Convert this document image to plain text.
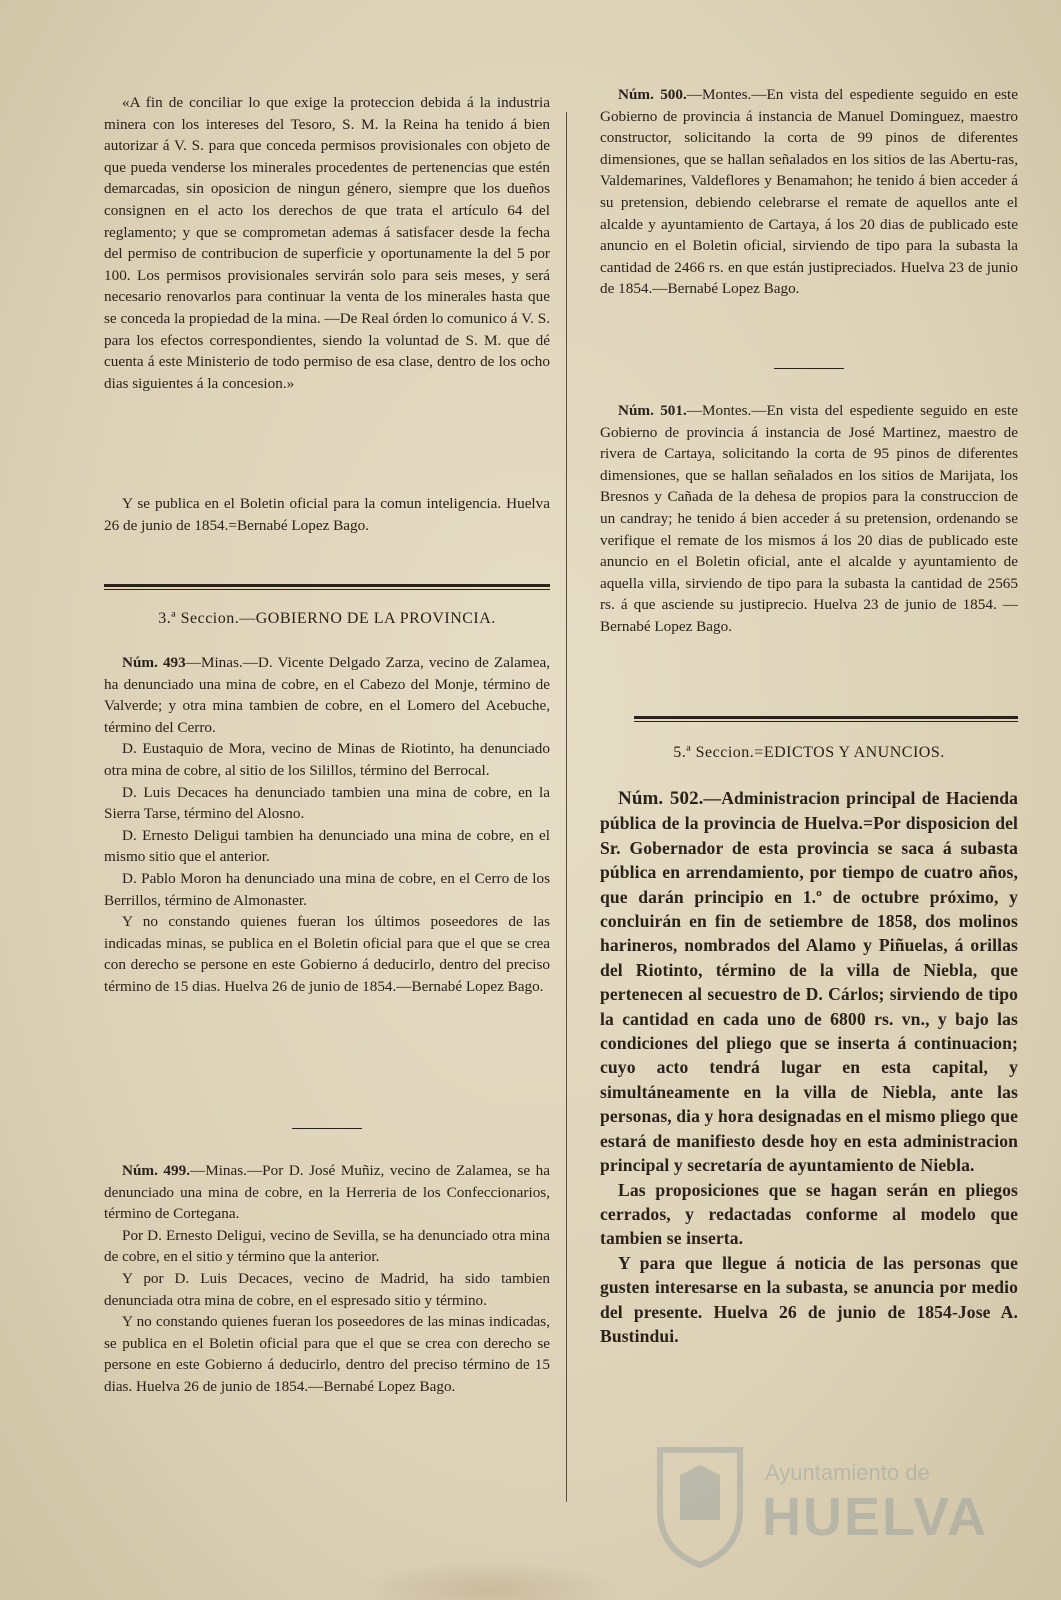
«A fin de conciliar lo que exige la proteccion debida á la industria minera con los intereses del Tesoro, S. M. la Reina ha tenido á bien autorizar á V. S. para que conceda permisos provisionales con objeto de que pueda venderse los minerales procedentes de pertenencias que estén demarcadas, sin oposicion de ningun género, siempre que los dueños consignen en el acto los derechos de que trata el artículo 64 del reglamento; y que se comprometan ademas á satisfacer desde la fecha del permiso de contribucion de superficie y oportunamente la del 5 por 100. Los permisos provisionales servirán solo para seis meses, y será necesario renovarlos para continuar la venta de los minerales hasta que se conceda la propiedad de la mina. —De Real órden lo comunico á V. S. para los efectos correspondientes, siendo la voluntad de S. M. que dé cuenta á este Ministerio de todo permiso de esa clase, dentro de los ocho dias siguientes á la concesion.»

Y se publica en el Boletin oficial para la comun inteligencia. Huelva 26 de junio de 1854.=Bernabé Lopez Bago.

3.ª Seccion.—GOBIERNO DE LA PROVINCIA.

Núm. 493—Minas.—D. Vicente Delgado Zarza, vecino de Zalamea, ha denunciado una mina de cobre, en el Cabezo del Monje, término de Valverde; y otra mina tambien de cobre, en el Lomero del Acebuche, término del Cerro.

D. Eustaquio de Mora, vecino de Minas de Riotinto, ha denunciado otra mina de cobre, al sitio de los Silillos, término del Berrocal.

D. Luis Decaces ha denunciado tambien una mina de cobre, en la Sierra Tarse, término del Alosno.

D. Ernesto Deligui tambien ha denunciado una mina de cobre, en el mismo sitio que el anterior.

D. Pablo Moron ha denunciado una mina de cobre, en el Cerro de los Berrillos, término de Almonaster.

Y no constando quienes fueran los últimos poseedores de las indicadas minas, se publica en el Boletin oficial para que el que se crea con derecho se persone en este Gobierno á deducirlo, dentro del preciso término de 15 dias. Huelva 26 de junio de 1854.—Bernabé Lopez Bago.

Núm. 499.—Minas.—Por D. José Muñiz, vecino de Zalamea, se ha denunciado una mina de cobre, en la Herreria de los Confeccionarios, término de Cortegana.

Por D. Ernesto Deligui, vecino de Sevilla, se ha denunciado otra mina de cobre, en el sitio y término que la anterior.

Y por D. Luis Decaces, vecino de Madrid, ha sido tambien denunciada otra mina de cobre, en el espresado sitio y término.

Y no constando quienes fueran los poseedores de las minas indicadas, se publica en el Boletin oficial para que el que se crea con derecho se persone en este Gobierno á deducirlo, dentro del preciso término de 15 dias. Huelva 26 de junio de 1854.—Bernabé Lopez Bago.

Núm. 500.—Montes.—En vista del espediente seguido en este Gobierno de provincia á instancia de Manuel Dominguez, maestro constructor, solicitando la corta de 99 pinos de diferentes dimensiones, que se hallan señalados en los sitios de las Abertu-ras, Valdemarines, Valdeflores y Benamahon; he tenido á bien acceder á su pretension, debiendo celebrarse el remate de aquellos ante el alcalde y ayuntamiento de Cartaya, á los 20 dias de publicado este anuncio en el Boletin oficial, sirviendo de tipo para la subasta la cantidad de 2466 rs. en que están justipreciados. Huelva 23 de junio de 1854.—Bernabé Lopez Bago.

Núm. 501.—Montes.—En vista del espediente seguido en este Gobierno de provincia á instancia de José Martinez, maestro de rivera de Cartaya, solicitando la corta de 95 pinos de diferentes dimensiones, que se hallan señalados en los sitios de Marijata, los Bresnos y Cañada de la dehesa de propios para la construccion de un candray; he tenido á bien acceder á su pretension, ordenando se verifique el remate de los mismos á los 20 dias de publicado este anuncio en el Boletin oficial, ante el alcalde y ayuntamiento de aquella villa, sirviendo de tipo para la subasta la cantidad de 2565 rs. á que asciende su justiprecio. Huelva 23 de junio de 1854. —Bernabé Lopez Bago.

5.ª Seccion.=EDICTOS Y ANUNCIOS.

Núm. 502.—Administracion principal de Hacienda pública de la provincia de Huelva.=Por disposicion del Sr. Gobernador de esta provincia se saca á subasta pública en arrendamiento, por tiempo de cuatro años, que darán principio en 1.º de octubre próximo, y concluirán en fin de setiembre de 1858, dos molinos harineros, nombrados del Alamo y Piñuelas, á orillas del Riotinto, término de la villa de Niebla, que pertenecen al secuestro de D. Cárlos; sirviendo de tipo la cantidad en cada uno de 6800 rs. vn., y bajo las condiciones del pliego que se inserta á continuacion; cuyo acto tendrá lugar en esta capital, y simultáneamente en la villa de Niebla, ante las personas, dia y hora designadas en el mismo pliego que estará de manifiesto desde hoy en esta administracion principal y secretaría de ayuntamiento de Niebla.

Las proposiciones que se hagan serán en pliegos cerrados, y redactadas conforme al modelo que tambien se inserta.

Y para que llegue á noticia de las personas que gusten interesarse en la subasta, se anuncia por medio del presente. Huelva 26 de junio de 1854-Jose A. Bustindui.

Ayuntamiento de
HUELVA
